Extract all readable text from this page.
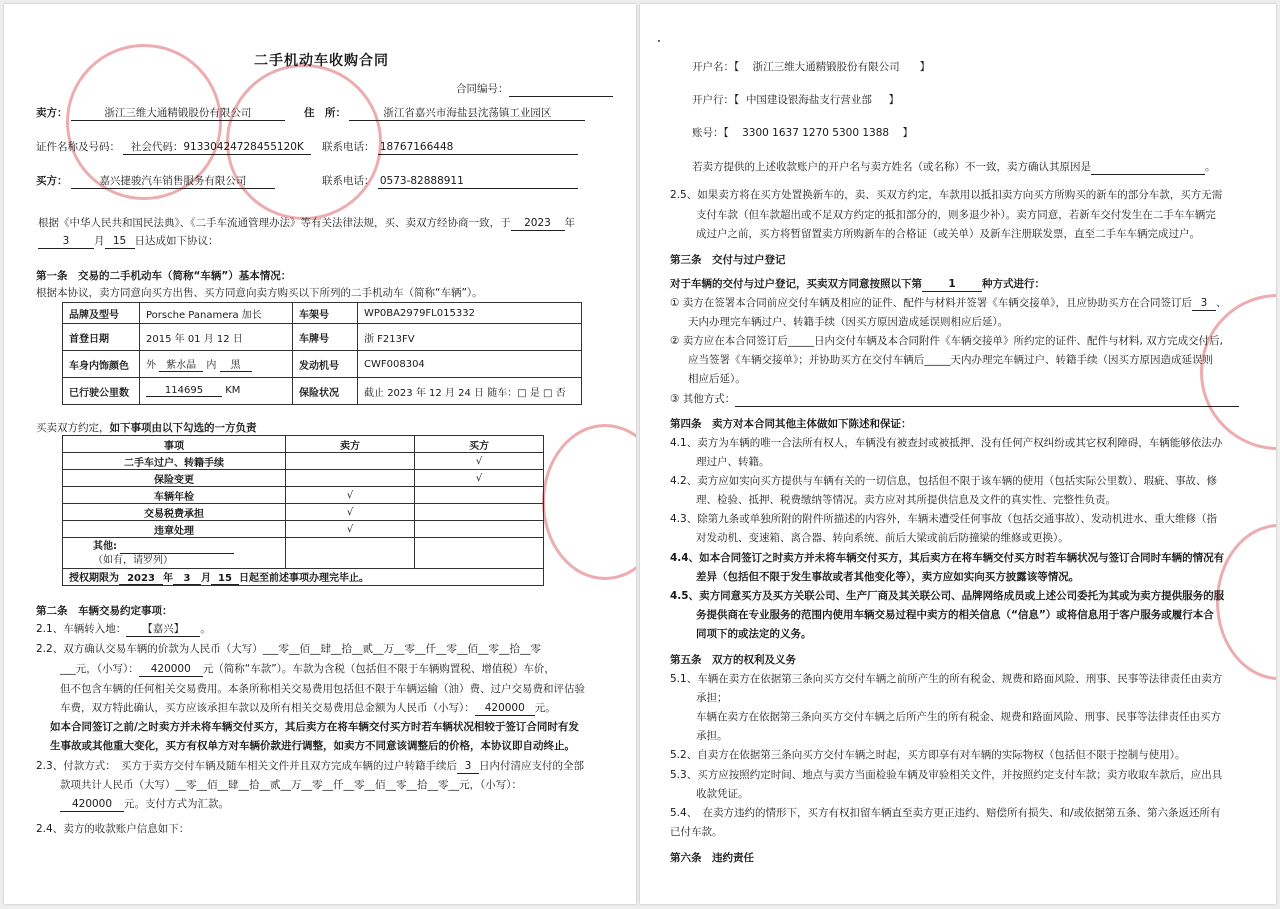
二手机动车收购合同
合同编号：
卖方：	浙江三维大通精锻股份有限公司	住　所：	浙江省嘉兴市海盐县沈荡镇工业园区
证件名称及号码： 社会代码：91330424728455120K	联系电话： 18767166448
买方：	嘉兴捷骏汽车销售服务有限公司	联系电话： 0573-82888911
根据《中华人民共和国民法典》、《二手车流通管理办法》等有关法律法规，买、卖双方经协商一致，于 2023 年
3 月 15 日达成如下协议：
第一条　交易的二手机动车（简称“车辆”）基本情况：
根据本协议，卖方同意向买方出售、买方同意向卖方购买以下所列的二手机动车（简称“车辆”）。
品牌及型号	Porsche Panamera 加长	车架号	WP0BA2979FL015332
首登日期	2015 年 01 月 12 日	车牌号	浙 F213FV
车身内饰颜色	外 紫水晶 内 黑	发动机号	CWF008304
已行驶公里数	114695 KM	保险状况	截止 2023 年 12 月 24 日 随车：□ 是 □ 否
买卖双方约定，如下事项由以下勾选的一方负责
事项	卖方	买方
二手车过户、转籍手续		√
保险变更		√
车辆年检	√	
交易税费承担	√	
违章处理	√	
其他:
（如有，请罗列）		
授权期限为 2023 年 3 月 15 日起至前述事项办理完毕止。		
第二条　车辆交易约定事项：
2.1、车辆转入地： 【嘉兴】 。
2.2、双方确认交易车辆的价款为人民币（大写）___零__佰__肆__拾__贰__万__零__仟__零__佰__零__拾__零
___元，（小写）： 420000 元（简称“车款”）。车款为含税（包括但不限于车辆购置税、增值税）车价，
但不包含车辆的任何相关交易费用。本条所称相关交易费用包括但不限于车辆运输（油）费、过户交易费和评估验
车费，双方特此确认，买方应该承担车款以及所有相关交易费用总金额为人民币（小写）： 420000 元。
如本合同签订之前/之时卖方并未将车辆交付买方，其后卖方在将车辆交付买方时若车辆状况相较于签订合同时有发
生事故或其他重大变化，买方有权单方对车辆价款进行调整，如卖方不同意该调整后的价格，本协议即自动终止。
2.3、付款方式：　买方于卖方交付车辆及随车相关文件并且双方完成车辆的过户转籍手续后 3 日内付清应支付的全部
款项共计人民币（大写）__零__佰__肆__拾__贰__万__零__仟__零__佰__零__拾__零__元，（小写）：
420000 元。支付方式为汇款。
2.4、卖方的收款账户信息如下：
开户名：【 浙江三维大通精锻股份有限公司 】
开户行：【 中国建设银海盐支行营业部 】
账号：【 3300 1637 1270 5300 1388 】
若卖方提供的上述收款账户的开户名与卖方姓名（或名称）不一致，卖方确认其原因是	。
2.5、如果卖方将在买方处置换新车的，卖、买双方约定，车款用以抵扣卖方向买方所购买的新车的部分车款，买方无需
支付车款（但车款超出或不足双方约定的抵扣部分的，则多退少补）。卖方同意，若新车交付发生在二手车车辆完
成过户之前，买方将暂留置卖方所购新车的合格证（或关单）及新车注册联发票，直至二手车车辆完成过户。
第三条　交付与过户登记
对于车辆的交付与过户登记，买卖双方同意按照以下第	1	种方式进行：
① 卖方在签署本合同前应交付车辆及相应的证件、配件与材料并签署《车辆交接单》，且应协助买方在合同签订后 3 、
天内办理完车辆过户、转籍手续（因买方原因造成延误则相应后延）。
② 卖方应在本合同签订后_____日内交付车辆及本合同附件《车辆交接单》所约定的证件、配件与材料, 双方完成交付后,
应当签署《车辆交接单》；并协助买方在交付车辆后_____天内办理完车辆过户、转籍手续（因买方原因造成延误则
相应后延）。
③ 其他方式：
第四条　卖方对本合同其他主体做如下陈述和保证：
4.1、卖方为车辆的唯一合法所有权人，车辆没有被查封或被抵押、没有任何产权纠纷或其它权利障碍，车辆能够依法办
理过户、转籍。
4.2、卖方应如实向买方提供与车辆有关的一切信息，包括但不限于该车辆的使用（包括实际公里数）、瑕疵、事故、修
理、检验、抵押、税费缴纳等情况。卖方应对其所提供信息及文件的真实性、完整性负责。
4.3、除第九条或单独所附的附件所描述的内容外，车辆未遭受任何事故（包括交通事故）、发动机进水、重大维修（指
对发动机、变速箱、离合器、转向系统、前后大梁或前后防撞梁的维修或更换）。
4.4、如本合同签订之时卖方并未将车辆交付买方，其后卖方在将车辆交付买方时若车辆状况与签订合同时车辆的情况有
差异（包括但不限于发生事故或者其他变化等），卖方应如实向买方披露该等情况。
4.5、卖方同意买方及买方关联公司、生产厂商及其关联公司、品牌网络成员或上述公司委托为其或为卖方提供服务的服
务提供商在专业服务的范围内使用车辆交易过程中卖方的相关信息（“信息”）或将信息用于客户服务或履行本合
同项下的或法定的义务。
第五条　双方的权利及义务
5.1、车辆在卖方在依据第三条向买方交付车辆之前所产生的所有税金、规费和路面风险、刑事、民事等法律责任由卖方
承担；
车辆在卖方在依据第三条向买方交付车辆之后所产生的所有税金、规费和路面风险、刑事、民事等法律责任由买方
承担。
5.2、自卖方在依据第三条向买方交付车辆之时起，买方即享有对车辆的实际物权（包括但不限于控制与使用）。
5.3、买方应按照约定时间、地点与卖方当面检验车辆及审验相关文件，并按照约定支付车款；卖方收取车款后，应出具
收款凭证。
5.4、　在卖方违约的情形下，买方有权扣留车辆直至卖方更正违约、赔偿所有损失、和/或依据第五条、第六条返还所有
已付车款。
第六条　违约责任
